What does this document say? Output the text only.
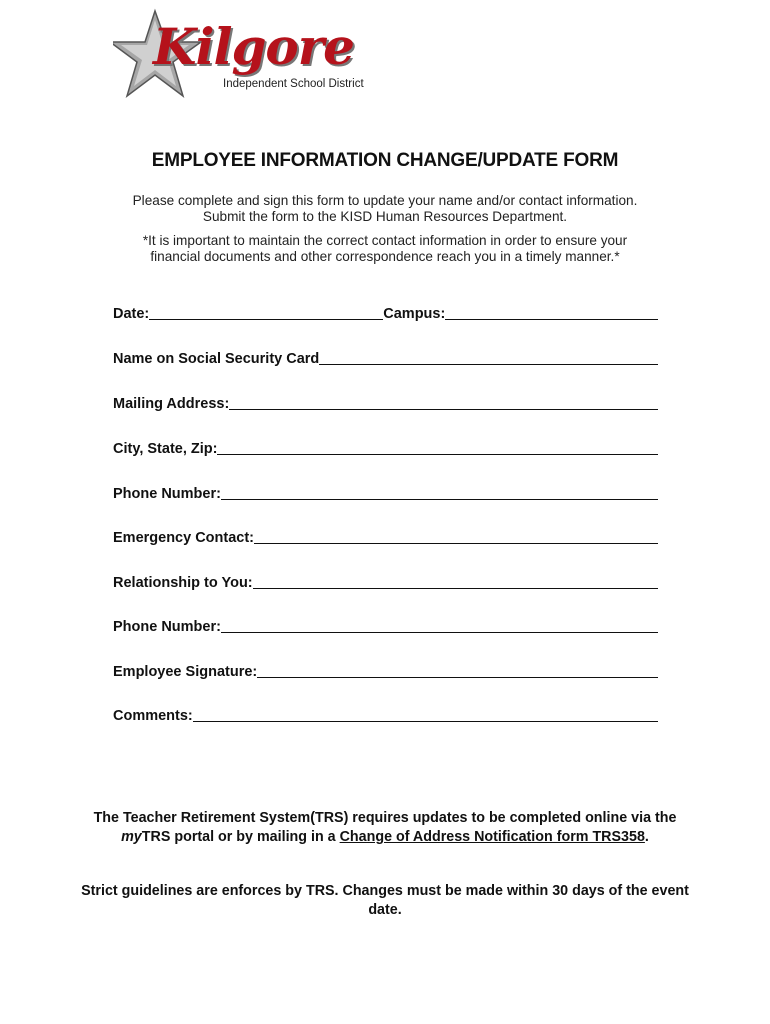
Kilgore
Independent School District
EMPLOYEE INFORMATION CHANGE/UPDATE FORM
Please complete and sign this form to update your name and/or contact information.
Submit the form to the KISD Human Resources Department.
*It is important to maintain the correct contact information in order to ensure your
financial documents and other correspondence reach you in a timely manner.*
Date:	Campus:
Name on Social Security Card
Mailing Address:
City, State, Zip:
Phone Number:
Emergency Contact:
Relationship to You:
Phone Number:
Employee Signature:
Comments:
The Teacher Retirement System(TRS) requires updates to be completed online via the myTRS portal or by mailing in a Change of Address Notification form TRS358.
Strict guidelines are enforces by TRS. Changes must be made within 30 days of the event date.
